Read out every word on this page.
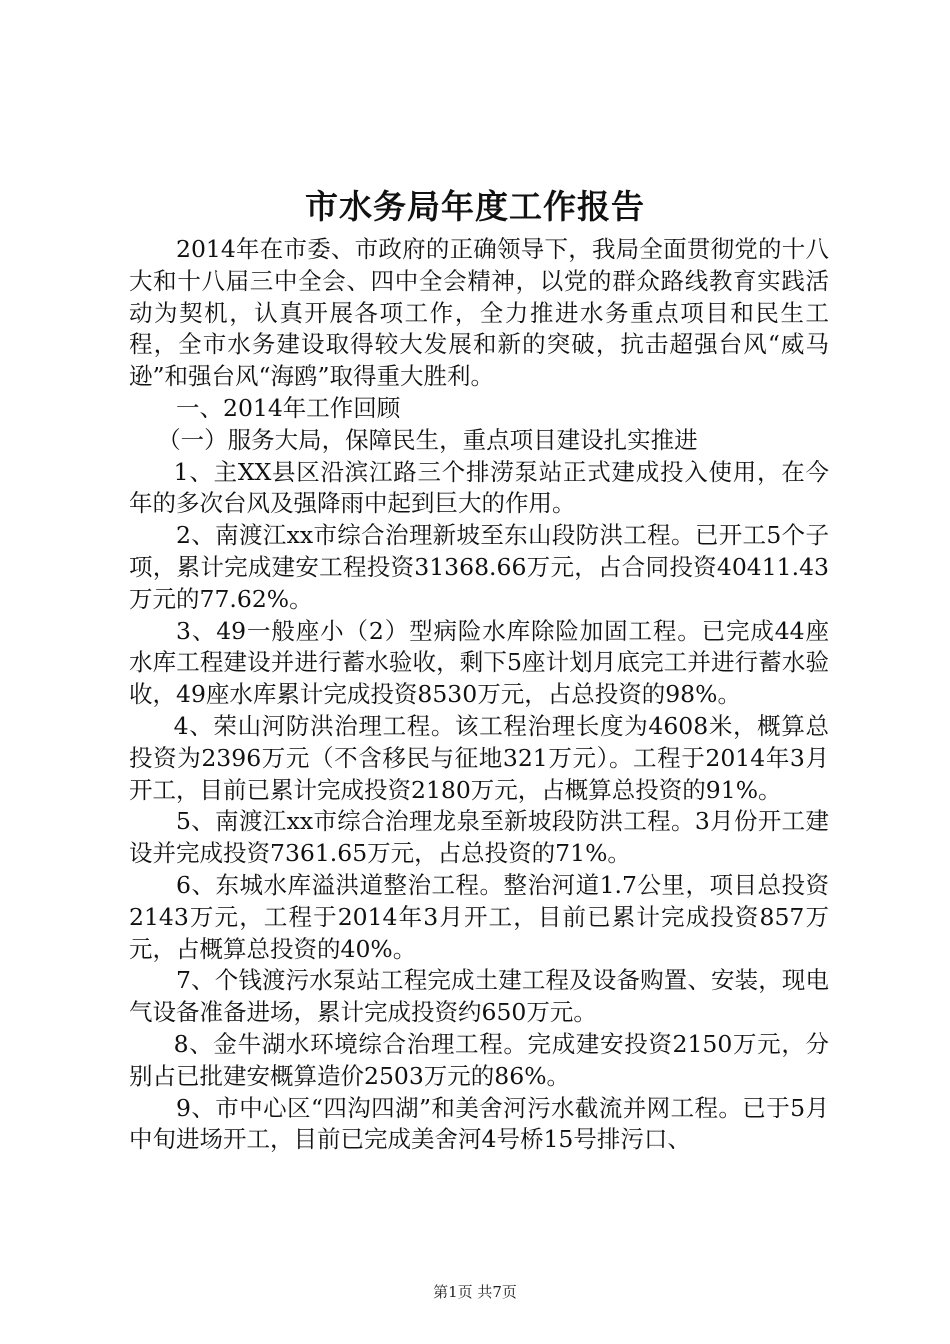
市水务局年度工作报告

2014年在市委、市政府的正确领导下，我局全面贯彻党的十八大和十八届三中全会、四中全会精神，以党的群众路线教育实践活动为契机，认真开展各项工作，全力推进水务重点项目和民生工程，全市水务建设取得较大发展和新的突破，抗击超强台风“威马逊”和强台风“海鸥”取得重大胜利。

一、2014年工作回顾

（一）服务大局，保障民生，重点项目建设扎实推进

1、主XX县区沿滨江路三个排涝泵站正式建成投入使用，在今年的多次台风及强降雨中起到巨大的作用。

2、南渡江xx市综合治理新坡至东山段防洪工程。已开工5个子项，累计完成建安工程投资31368.66万元，占合同投资40411.43万元的77.62%。

3、49一般座小（2）型病险水库除险加固工程。已完成44座水库工程建设并进行蓄水验收，剩下5座计划月底完工并进行蓄水验收，49座水库累计完成投资8530万元，占总投资的98%。

4、荣山河防洪治理工程。该工程治理长度为4608米，概算总投资为2396万元（不含移民与征地321万元）。工程于2014年3月开工，目前已累计完成投资2180万元，占概算总投资的91%。

5、南渡江xx市综合治理龙泉至新坡段防洪工程。3月份开工建设并完成投资7361.65万元，占总投资的71%。

6、东城水库溢洪道整治工程。整治河道1.7公里，项目总投资2143万元，工程于2014年3月开工，目前已累计完成投资857万元，占概算总投资的40%。

7、个钱渡污水泵站工程完成土建工程及设备购置、安装，现电气设备准备进场，累计完成投资约650万元。

8、金牛湖水环境综合治理工程。完成建安投资2150万元，分别占已批建安概算造价2503万元的86%。

9、市中心区“四沟四湖”和美舍河污水截流并网工程。已于5月中旬进场开工，目前已完成美舍河4号桥15号排污口、

第1页 共7页
